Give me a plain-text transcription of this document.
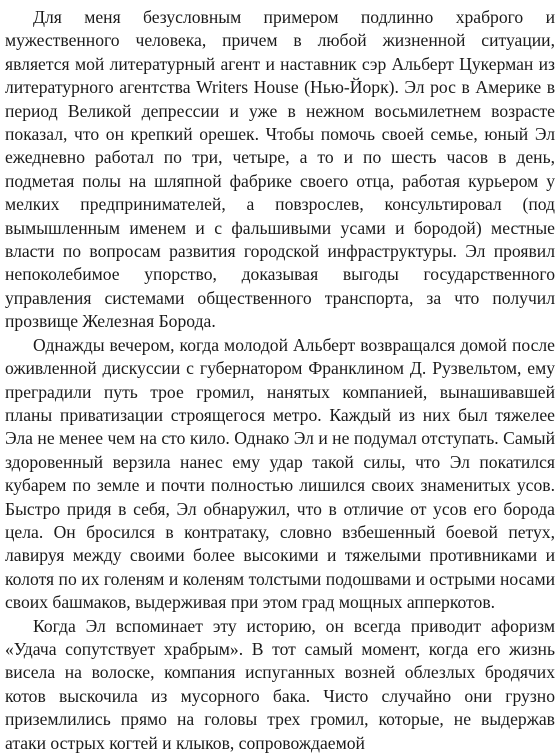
Для меня безусловным примером подлинно храброго и мужественного человека, причем в любой жизненной ситуации, является мой литературный агент и наставник сэр Альберт Цукерман из литературного агентства Writers House (Нью-Йорк). Эл рос в Америке в период Великой депрессии и уже в нежном восьмилетнем возрасте показал, что он крепкий орешек. Чтобы помочь своей семье, юный Эл ежедневно работал по три, четыре, а то и по шесть часов в день, подметая полы на шляпной фабрике своего отца, работая курьером у мелких предпринимателей, а повзрослев, консультировал (под вымышленным именем и с фальшивыми усами и бородой) местные власти по вопросам развития городской инфраструктуры. Эл проявил непоколебимое упорство, доказывая выгоды государственного управления системами общественного транспорта, за что получил прозвище Железная Борода.

Однажды вечером, когда молодой Альберт возвращался домой после оживленной дискуссии с губернатором Франклином Д. Рузвельтом, ему преградили путь трое громил, нанятых компанией, вынашивавшей планы приватизации строящегося метро. Каждый из них был тяжелее Эла не менее чем на сто кило. Однако Эл и не подумал отступать. Самый здоровенный верзила нанес ему удар такой силы, что Эл покатился кубарем по земле и почти полностью лишился своих знаменитых усов. Быстро придя в себя, Эл обнаружил, что в отличие от усов его борода цела. Он бросился в контратаку, словно взбешенный боевой петух, лавируя между своими более высокими и тяжелыми противниками и колотя по их голеням и коленям толстыми подошвами и острыми носами своих башмаков, выдерживая при этом град мощных апперкотов.

Когда Эл вспоминает эту историю, он всегда приводит афоризм «Удача сопутствует храбрым». В тот самый момент, когда его жизнь висела на волоске, компания испуганных возней облезлых бродячих котов выскочила из мусорного бака. Чисто случайно они грузно приземлились прямо на головы трех громил, которые, не выдержав атаки острых когтей и клыков, сопровождаемой
